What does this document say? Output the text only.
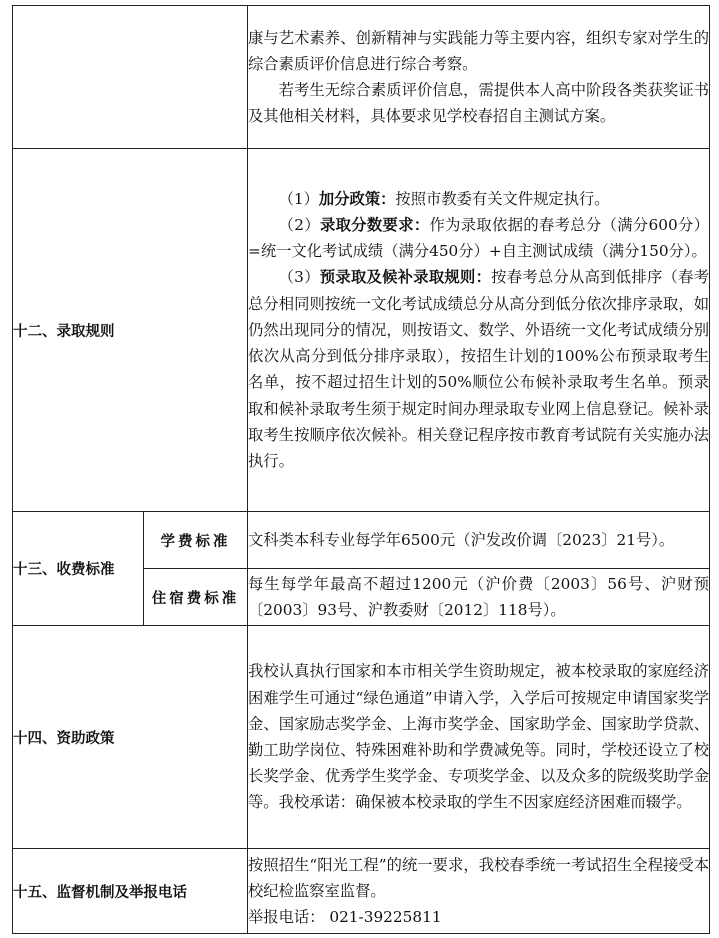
		康与艺术素养、创新精神与实践能力等主要内容，组织专家对学生的综合素质评价信息进行综合考察。

若考生无综合素质评价信息，需提供本人高中阶段各类获奖证书及其他相关材料，具体要求见学校春招自主测试方案。

十二、录取规则		（1）加分政策：按照市教委有关文件规定执行。

（2）录取分数要求：作为录取依据的春考总分（满分600分）=统一文化考试成绩（满分450分）+自主测试成绩（满分150分）。

（3）预录取及候补录取规则：按春考总分从高到低排序（春考总分相同则按统一文化考试成绩总分从高分到低分依次排序录取，如仍然出现同分的情况，则按语文、数学、外语统一文化考试成绩分别依次从高分到低分排序录取），按招生计划的100%公布预录取考生名单，按不超过招生计划的50%顺位公布候补录取考生名单。预录取和候补录取考生须于规定时间办理录取专业网上信息登记。候补录取考生按顺序依次候补。相关登记程序按市教育考试院有关实施办法执行。

十三、收费标准	学费标准	文科类本科专业每学年6500元（沪发改价调〔2023〕21号）。
	住宿费标准	每生每学年最高不超过1200元（沪价费〔2003〕56号、沪财预〔2003〕93号、沪教委财〔2012〕118号）。
十四、资助政策		我校认真执行国家和本市相关学生资助规定，被本校录取的家庭经济困难学生可通过“绿色通道”申请入学，入学后可按规定申请国家奖学金、国家励志奖学金、上海市奖学金、国家助学金、国家助学贷款、勤工助学岗位、特殊困难补助和学费减免等。同时，学校还设立了校长奖学金、优秀学生奖学金、专项奖学金、以及众多的院级奖助学金等。我校承诺：确保被本校录取的学生不因家庭经济困难而辍学。

十五、监督机制及举报电话		按照招生“阳光工程”的统一要求，我校春季统一考试招生全程接受本校纪检监察室监督。

举报电话： 021-39225811
